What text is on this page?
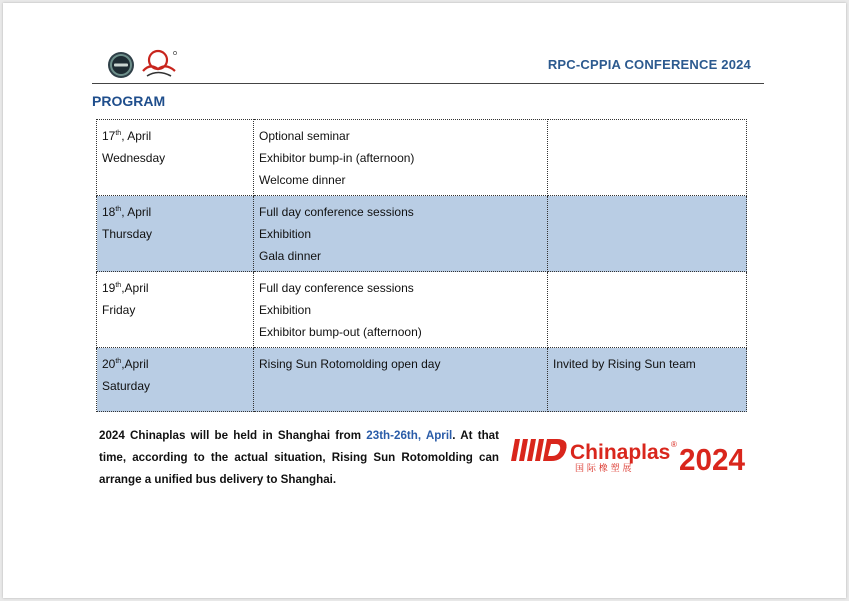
RPC-CPPIA CONFERENCE 2024
PROGRAM
17th, April
Wednesday	Optional seminar
Exhibitor bump-in (afternoon)
Welcome dinner	

18th, April
Thursday	Full day conference sessions
Exhibition
Gala dinner	

19th,April
Friday	Full day conference sessions
Exhibition
Exhibitor bump-out (afternoon)	

20th,April
Saturday	Rising Sun Rotomolding open day	Invited by Rising Sun team
2024 Chinaplas will be held in Shanghai from 23th-26th, April. At that time, according to the actual situation, Rising Sun Rotomolding can arrange a unified bus delivery to Shanghai.
Chinaplas ® 2024
国 际 橡 塑 展
